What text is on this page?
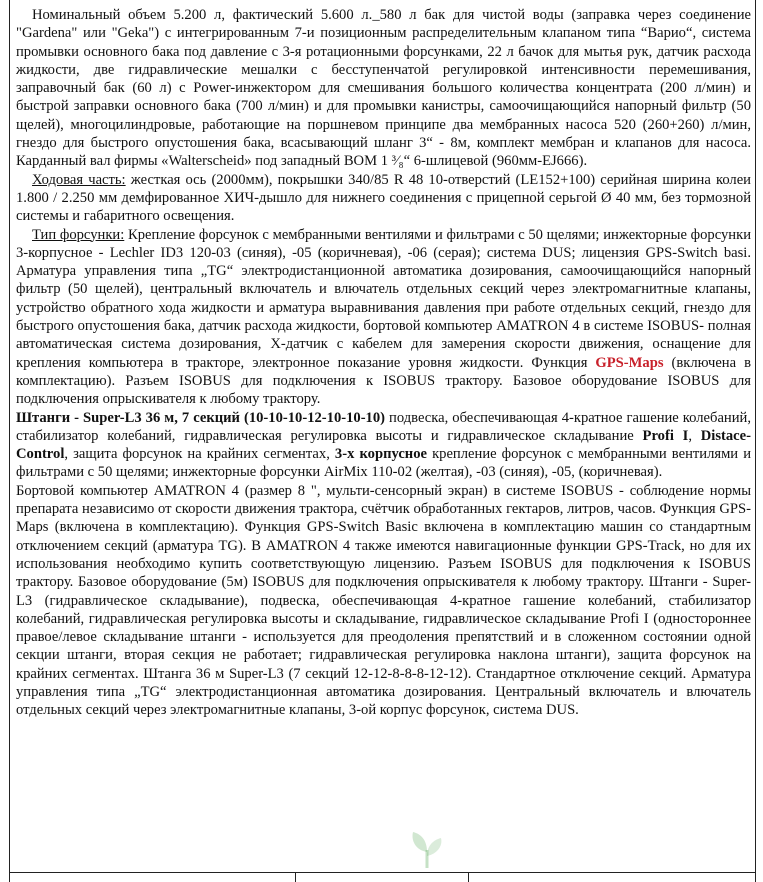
Номинальный объем 5.200 л, фактический 5.600 л._580 л бак для чистой воды (заправка через соединение "Gardena" или "Geka") с интегрированным 7-и позиционным распределительным клапаном типа “Варио“, система промывки основного бака под давление с 3-я ротационными форсунками, 22 л бачок для мытья рук, датчик расхода жидкости, две гидравлические мешалки с бесступенчатой регулировкой интенсивности перемешивания, заправочный бак (60 л) с Power-инжектором для смешивания большого количества концентрата (200 л/мин) и быстрой заправки основного бака (700 л/мин) и для промывки канистры, самоочищающийся напорный фильтр (50 щелей), многоцилиндровые, работающие на поршневом принципе два мембранных насоса 520 (260+260) л/мин, гнездо для быстрого опустошения бака, всасывающий шланг 3“ - 8м, комплект мембран и клапанов для насоса. Карданный вал фирмы «Walterscheid» под западный ВОМ 1 ³⁄₈“ 6-шлицевой (960мм-EJ666).

Ходовая часть: жесткая ось (2000мм), покрышки 340/85 R 48 10-отверстий (LE152+100) серийная ширина колеи 1.800 / 2.250 мм демфированное ХИЧ-дышло для нижнего соединения с прицепной серьгой Ø 40 мм, без тормозной системы и габаритного освещения.

Тип форсунки: Крепление форсунок с мембранными вентилями и фильтрами с 50 щелями; инжекторные форсунки 3-корпусное - Lechler ID3 120-03 (синяя), -05 (коричневая), -06 (серая); система DUS; лицензия GPS-Switch basi. Арматура управления типа „TG“ электродистанционной автоматика дозирования, самоочищающийся напорный фильтр (50 щелей), центральный включатель и влючатель отдельных секций через электромагнитные клапаны, устройство обратного хода жидкости и арматура выравнивания давления при работе отдельных секций, гнездо для быстрого опустошения бака, датчик расхода жидкости, бортовой компьютер AMATRON 4 в системе ISOBUS- полная автоматическая система дозирования, Х-датчик с кабелем для замерения скорости движения, оснащение для крепления компьютера в тракторе, электронное показание уровня жидкости. Функция GPS-Maps (включена в комплектацию). Разъем ISOBUS для подключения к ISOBUS трактору. Базовое оборудование ISOBUS для подключения опрыскивателя к любому трактору.

Штанги - Super-L3 36 м, 7 секций (10-10-10-12-10-10-10) подвеска, обеспечивающая 4-кратное гашение колебаний, стабилизатор колебаний, гидравлическая регулировка высоты и гидравлическое складывание Profi I, Distace-Control, защита форсунок на крайних сегментах, 3-х корпусное крепление форсунок с мембранными вентилями и фильтрами с 50 щелями; инжекторные форсунки AirMix 110-02 (желтая), -03 (синяя), -05, (коричневая).

Бортовой компьютер AMATRON 4 (размер 8 ", мульти-сенсорный экран) в системе ISOBUS - соблюдение нормы препарата независимо от скорости движения трактора, счётчик обработанных гектаров, литров, часов. Функция GPS-Maps (включена в комплектацию). Функция GPS-Switch Basic включена в комплектацию машин со стандартным отключением секций (арматура TG). В AMATRON 4 также имеются навигационные функции GPS-Track, но для их использования необходимо купить соответствующую лицензию. Разъем ISOBUS для подключения к ISOBUS трактору. Базовое оборудование (5м) ISOBUS для подключения опрыскивателя к любому трактору. Штанги - Super-L3 (гидравлическое складывание), подвеска, обеспечивающая 4-кратное гашение колебаний, стабилизатор колебаний, гидравлическая регулировка высоты и складывание, гидравлическое складывание Profi I (одностороннее правое/левое складывание штанги - используется для преодоления препятствий и в сложенном состоянии одной секции штанги, вторая секция не работает; гидравлическая регулировка наклона штанги), защита форсунок на крайних сегментах. Штанга 36 м Super-L3 (7 секций 12-12-8-8-8-12-12). Стандартное отключение секций. Арматура управления типа „TG“ электродистанционная автоматика дозирования. Центральный включатель и влючатель отдельных секций через электромагнитные клапаны, 3-ой корпус форсунок, система DUS.
